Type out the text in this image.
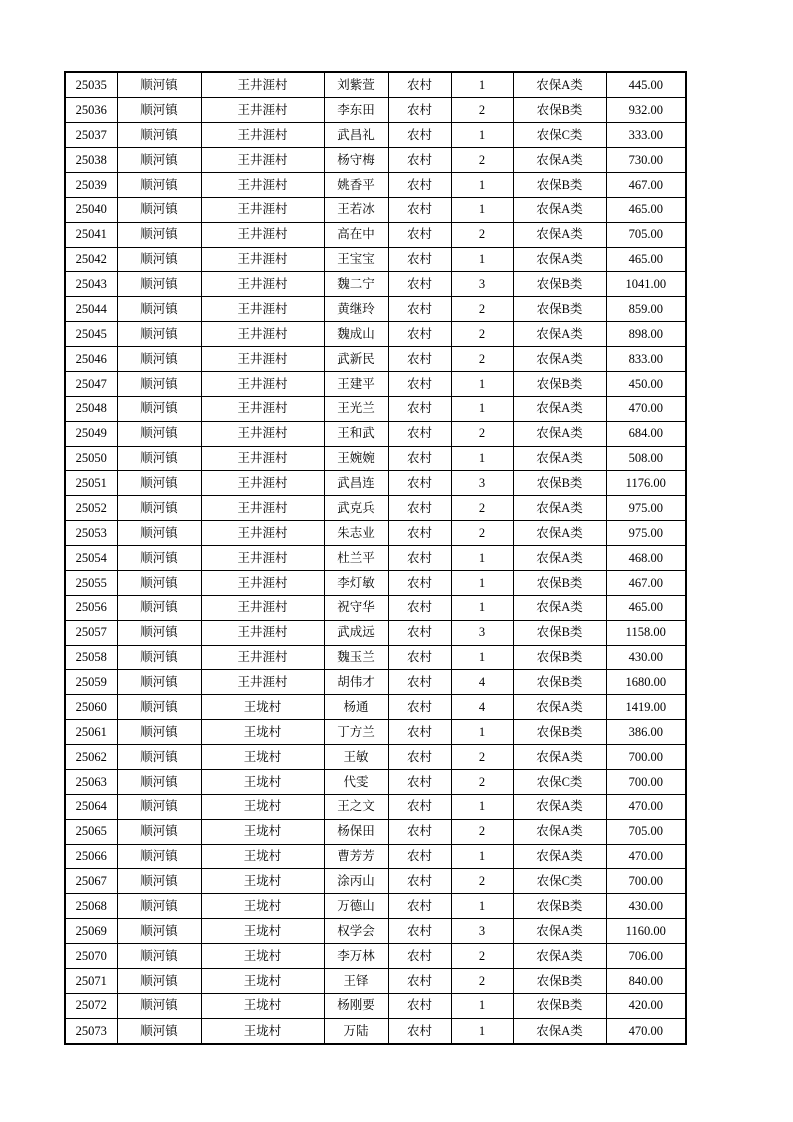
25035	顺河镇	王井涯村	刘紫萱	农村	1	农保A类	445.00
25036	顺河镇	王井涯村	李东田	农村	2	农保B类	932.00
25037	顺河镇	王井涯村	武昌礼	农村	1	农保C类	333.00
25038	顺河镇	王井涯村	杨守梅	农村	2	农保A类	730.00
25039	顺河镇	王井涯村	姚香平	农村	1	农保B类	467.00
25040	顺河镇	王井涯村	王若冰	农村	1	农保A类	465.00
25041	顺河镇	王井涯村	高在中	农村	2	农保A类	705.00
25042	顺河镇	王井涯村	王宝宝	农村	1	农保A类	465.00
25043	顺河镇	王井涯村	魏二宁	农村	3	农保B类	1041.00
25044	顺河镇	王井涯村	黄继玲	农村	2	农保B类	859.00
25045	顺河镇	王井涯村	魏成山	农村	2	农保A类	898.00
25046	顺河镇	王井涯村	武新民	农村	2	农保A类	833.00
25047	顺河镇	王井涯村	王建平	农村	1	农保B类	450.00
25048	顺河镇	王井涯村	王光兰	农村	1	农保A类	470.00
25049	顺河镇	王井涯村	王和武	农村	2	农保A类	684.00
25050	顺河镇	王井涯村	王婉婉	农村	1	农保A类	508.00
25051	顺河镇	王井涯村	武昌连	农村	3	农保B类	1176.00
25052	顺河镇	王井涯村	武克兵	农村	2	农保A类	975.00
25053	顺河镇	王井涯村	朱志业	农村	2	农保A类	975.00
25054	顺河镇	王井涯村	杜兰平	农村	1	农保A类	468.00
25055	顺河镇	王井涯村	李灯敏	农村	1	农保B类	467.00
25056	顺河镇	王井涯村	祝守华	农村	1	农保A类	465.00
25057	顺河镇	王井涯村	武成远	农村	3	农保B类	1158.00
25058	顺河镇	王井涯村	魏玉兰	农村	1	农保B类	430.00
25059	顺河镇	王井涯村	胡伟才	农村	4	农保B类	1680.00
25060	顺河镇	王垅村	杨通	农村	4	农保A类	1419.00
25061	顺河镇	王垅村	丁方兰	农村	1	农保B类	386.00
25062	顺河镇	王垅村	王敏	农村	2	农保A类	700.00
25063	顺河镇	王垅村	代雯	农村	2	农保C类	700.00
25064	顺河镇	王垅村	王之文	农村	1	农保A类	470.00
25065	顺河镇	王垅村	杨保田	农村	2	农保A类	705.00
25066	顺河镇	王垅村	曹芳芳	农村	1	农保A类	470.00
25067	顺河镇	王垅村	涂丙山	农村	2	农保C类	700.00
25068	顺河镇	王垅村	万德山	农村	1	农保B类	430.00
25069	顺河镇	王垅村	权学会	农村	3	农保A类	1160.00
25070	顺河镇	王垅村	李万林	农村	2	农保A类	706.00
25071	顺河镇	王垅村	王铎	农村	2	农保B类	840.00
25072	顺河镇	王垅村	杨刚要	农村	1	农保B类	420.00
25073	顺河镇	王垅村	万陆	农村	1	农保A类	470.00
